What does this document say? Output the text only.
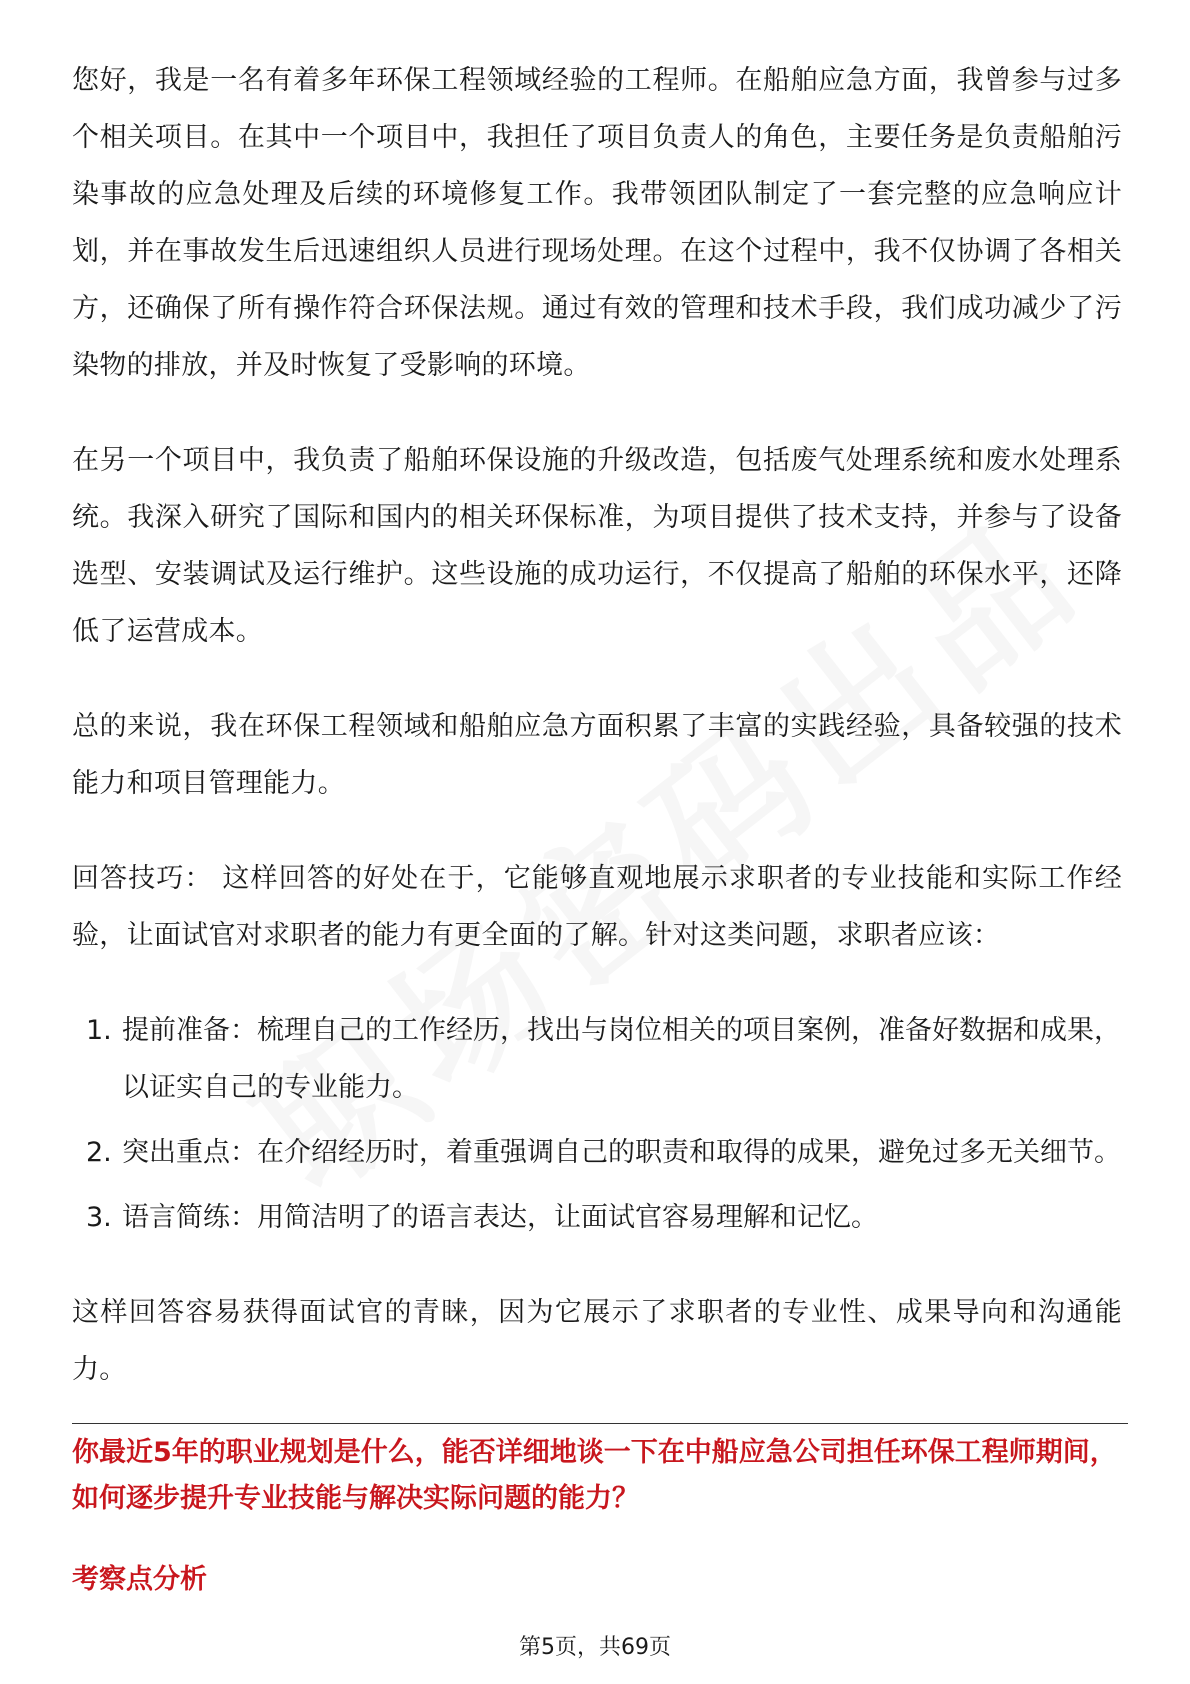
您好，我是一名有着多年环保工程领域经验的工程师。在船舶应急方面，我曾参与过多个相关项目。在其中一个项目中，我担任了项目负责人的角色，主要任务是负责船舶污染事故的应急处理及后续的环境修复工作。我带领团队制定了一套完整的应急响应计划，并在事故发生后迅速组织人员进行现场处理。在这个过程中，我不仅协调了各相关方，还确保了所有操作符合环保法规。通过有效的管理和技术手段，我们成功减少了污染物的排放，并及时恢复了受影响的环境。

在另一个项目中，我负责了船舶环保设施的升级改造，包括废气处理系统和废水处理系统。我深入研究了国际和国内的相关环保标准，为项目提供了技术支持，并参与了设备选型、安装调试及运行维护。这些设施的成功运行，不仅提高了船舶的环保水平，还降低了运营成本。

总的来说，我在环保工程领域和船舶应急方面积累了丰富的实践经验，具备较强的技术能力和项目管理能力。

回答技巧： 这样回答的好处在于，它能够直观地展示求职者的专业技能和实际工作经验，让面试官对求职者的能力有更全面的了解。针对这类问题，求职者应该：

1. 提前准备：梳理自己的工作经历，找出与岗位相关的项目案例，准备好数据和成果，以证实自己的专业能力。
2. 突出重点：在介绍经历时，着重强调自己的职责和取得的成果，避免过多无关细节。
3. 语言简练：用简洁明了的语言表达，让面试官容易理解和记忆。

这样回答容易获得面试官的青睐，因为它展示了求职者的专业性、成果导向和沟通能力。

你最近5年的职业规划是什么，能否详细地谈一下在中船应急公司担任环保工程师期间，如何逐步提升专业技能与解决实际问题的能力？
考察点分析
第5页，共69页
